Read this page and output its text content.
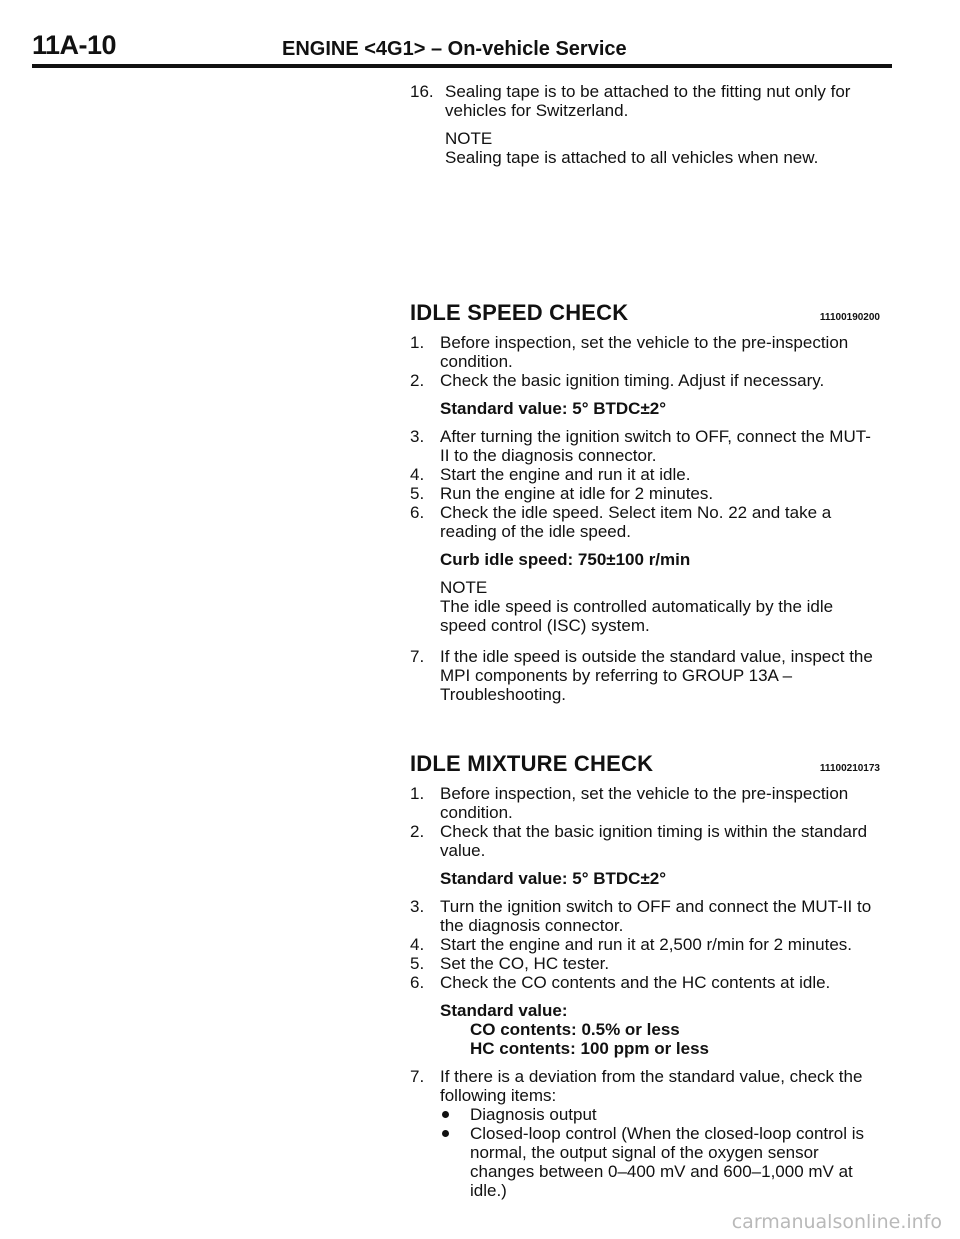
11A-10	ENGINE <4G1> – On-vehicle Service
16. Sealing tape is to be attached to the fitting nut only for vehicles for Switzerland.
NOTE
Sealing tape is attached to all vehicles when new.
IDLE SPEED CHECK	11100190200
1. Before inspection, set the vehicle to the pre-inspection condition.
2. Check the basic ignition timing. Adjust if necessary.
Standard value: 5° BTDC±2°
3. After turning the ignition switch to OFF, connect the MUT-II to the diagnosis connector.
4. Start the engine and run it at idle.
5. Run the engine at idle for 2 minutes.
6. Check the idle speed. Select item No. 22 and take a reading of the idle speed.
Curb idle speed: 750±100 r/min
NOTE
The idle speed is controlled automatically by the idle speed control (ISC) system.
7. If the idle speed is outside the standard value, inspect the MPI components by referring to GROUP 13A – Troubleshooting.
IDLE MIXTURE CHECK	11100210173
1. Before inspection, set the vehicle to the pre-inspection condition.
2. Check that the basic ignition timing is within the standard value.
Standard value: 5° BTDC±2°
3. Turn the ignition switch to OFF and connect the MUT-II to the diagnosis connector.
4. Start the engine and run it at 2,500 r/min for 2 minutes.
5. Set the CO, HC tester.
6. Check the CO contents and the HC contents at idle.
Standard value:
CO contents: 0.5% or less
HC contents: 100 ppm or less
7. If there is a deviation from the standard value, check the following items:
Diagnosis output
Closed-loop control (When the closed-loop control is normal, the output signal of the oxygen sensor changes between 0–400 mV and 600–1,000 mV at idle.)
carmanualsonline.info
